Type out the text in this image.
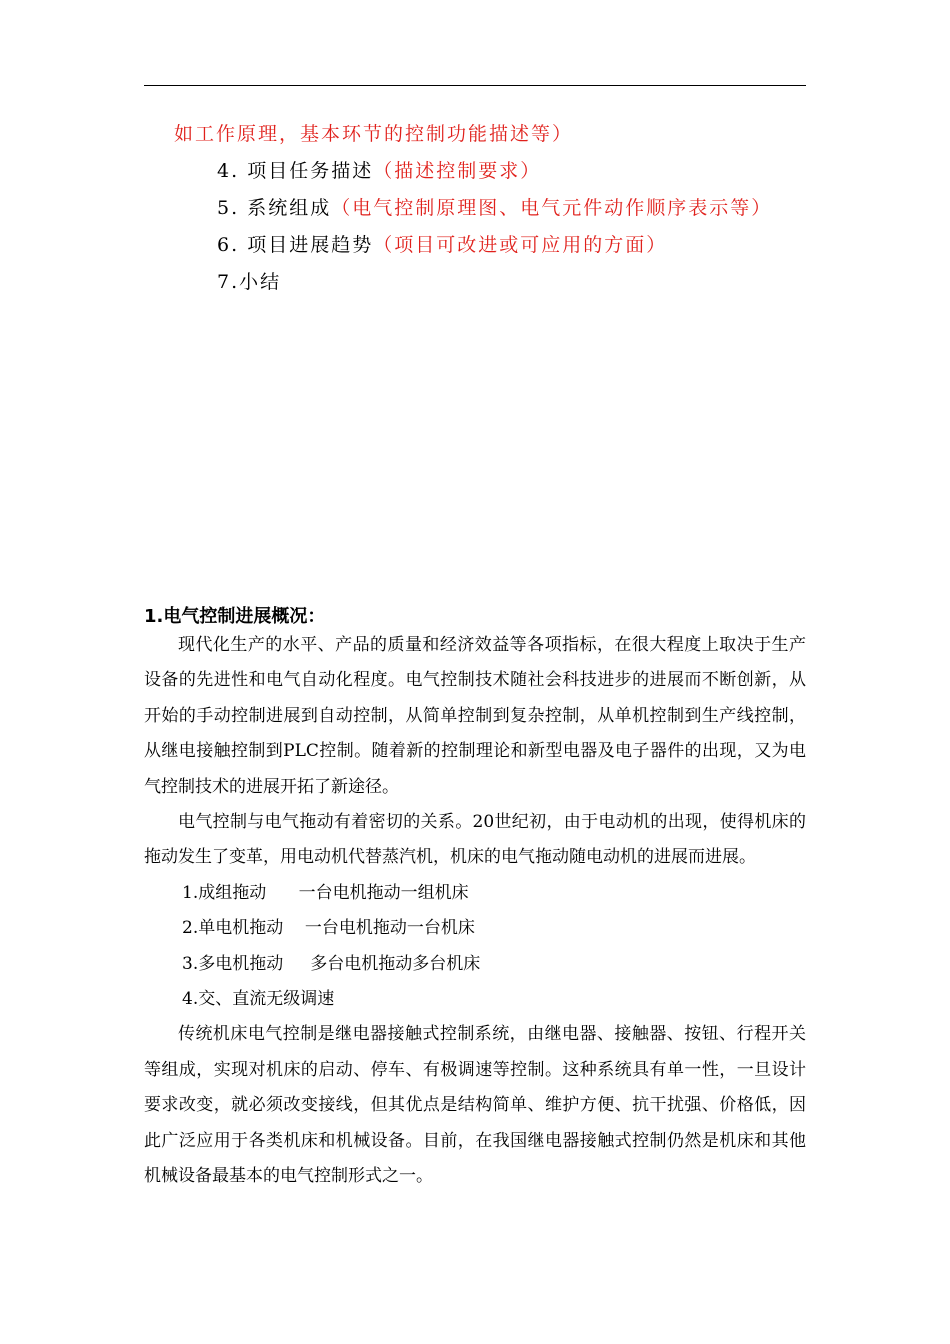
如工作原理，基本环节的控制功能描述等）
4. 项目任务描述（描述控制要求）
5. 系统组成（电气控制原理图、电气元件动作顺序表示等）
6. 项目进展趋势（项目可改进或可应用的方面）
7.小结
1.电气控制进展概况：

现代化生产的水平、产品的质量和经济效益等各项指标，在很大程度上取决于生产设备的先进性和电气自动化程度。电气控制技术随社会科技进步的进展而不断创新，从开始的手动控制进展到自动控制，从简单控制到复杂控制，从单机控制到生产线控制，从继电接触控制到PLC控制。随着新的控制理论和新型电器及电子器件的出现，又为电气控制技术的进展开拓了新途径。

电气控制与电气拖动有着密切的关系。20世纪初，由于电动机的出现，使得机床的拖动发生了变革，用电动机代替蒸汽机，机床的电气拖动随电动机的进展而进展。

1.成组拖动      一台电机拖动一组机床
2.单电机拖动    一台电机拖动一台机床
3.多电机拖动     多台电机拖动多台机床
4.交、直流无级调速

传统机床电气控制是继电器接触式控制系统，由继电器、接触器、按钮、行程开关等组成，实现对机床的启动、停车、有极调速等控制。这种系统具有单一性，一旦设计要求改变，就必须改变接线，但其优点是结构简单、维护方便、抗干扰强、价格低，因此广泛应用于各类机床和机械设备。目前，在我国继电器接触式控制仍然是机床和其他机械设备最基本的电气控制形式之一。
